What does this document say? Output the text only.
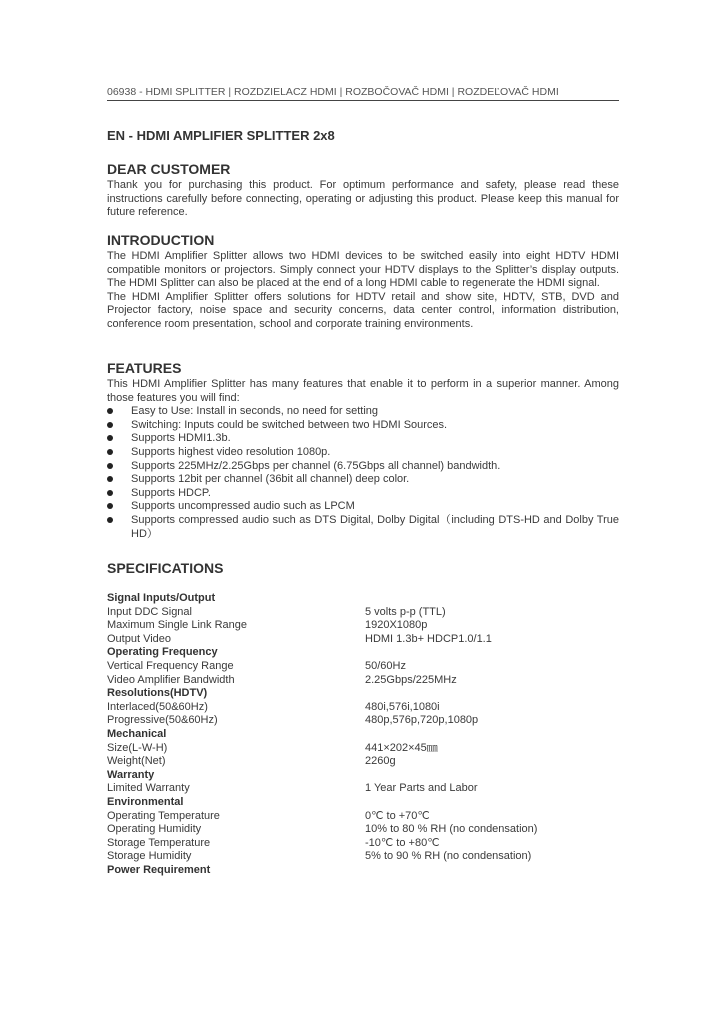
06938 - HDMI SPLITTER | ROZDZIELACZ HDMI | ROZBOČOVAČ HDMI | ROZDEĽOVAČ HDMI
EN - HDMI AMPLIFIER SPLITTER 2x8
DEAR CUSTOMER

Thank you for purchasing this product. For optimum performance and safety, please read these instructions carefully before connecting, operating or adjusting this product. Please keep this manual for future reference.

INTRODUCTION

The HDMI Amplifier Splitter allows two HDMI devices to be switched easily into eight HDTV HDMI compatible monitors or projectors. Simply connect your HDTV displays to the Splitter’s display outputs. The HDMI Splitter can also be placed at the end of a long HDMI cable to regenerate the HDMI signal.

The HDMI Amplifier Splitter offers solutions for HDTV retail and show site, HDTV, STB, DVD and Projector factory, noise space and security concerns, data center control, information distribution, conference room presentation, school and corporate training environments.

FEATURES

This HDMI Amplifier Splitter has many features that enable it to perform in a superior manner. Among those features you will find:

Easy to Use: Install in seconds, no need for setting
Switching: Inputs could be switched between two HDMI Sources.
Supports HDMI1.3b.
Supports highest video resolution 1080p.
Supports 225MHz/2.25Gbps per channel (6.75Gbps all channel) bandwidth.
Supports 12bit per channel (36bit all channel) deep color.
Supports HDCP.
Supports uncompressed audio such as LPCM
Supports compressed audio such as DTS Digital, Dolby Digital（including DTS-HD and Dolby True HD）
SPECIFICATIONS
Signal Inputs/Output
Input DDC Signal	5 volts p-p (TTL)
Maximum Single Link Range	1920X1080p
Output Video	HDMI 1.3b+ HDCP1.0/1.1
Operating Frequency
Vertical Frequency Range	50/60Hz
Video Amplifier Bandwidth	2.25Gbps/225MHz
Resolutions(HDTV)
Interlaced(50&60Hz)	480i,576i,1080i
Progressive(50&60Hz)	480p,576p,720p,1080p
Mechanical
Size(L-W-H)	441×202×45㎜
Weight(Net)	2260g
Warranty
Limited Warranty	1 Year Parts and Labor
Environmental
Operating Temperature	0℃ to +70℃
Operating Humidity	10% to 80 % RH (no condensation)
Storage Temperature	-10℃ to +80℃
Storage Humidity	5% to 90 % RH (no condensation)
Power Requirement
